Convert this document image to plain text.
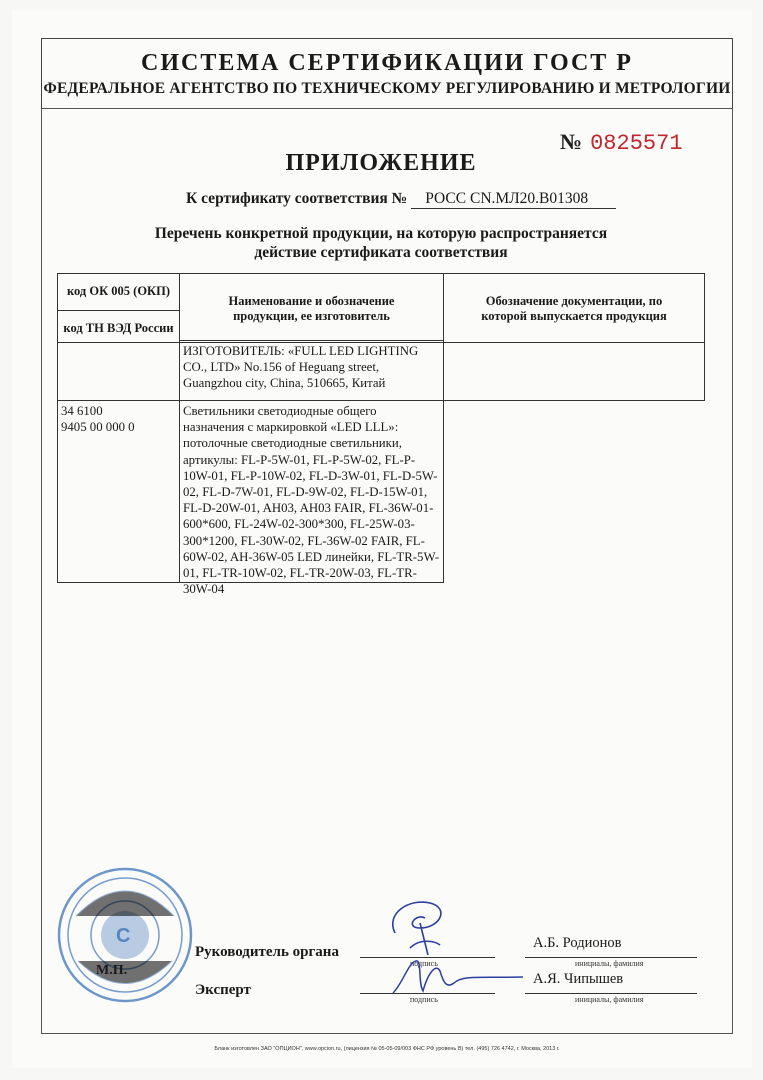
СИСТЕМА СЕРТИФИКАЦИИ ГОСТ Р
ФЕДЕРАЛЬНОЕ АГЕНТСТВО ПО ТЕХНИЧЕСКОМУ РЕГУЛИРОВАНИЮ И МЕТРОЛОГИИ
№ 0825571
ПРИЛОЖЕНИЕ
К сертификату соответствия № РОСС CN.МЛ20.В01308
Перечень конкретной продукции, на которую распространяется
действие сертификата соответствия
код ОК 005 (ОКП)
код ТН ВЭД России
Наименование и обозначение продукции, ее изготовитель
Обозначение документации, по которой выпускается продукция
ИЗГОТОВИТЕЛЬ: «FULL LED LIGHTING CO., LTD» No.156 of Heguang street, Guangzhou city, China, 510665, Китай
34 6100
9405 00 000 0
Светильники светодиодные общего назначения с маркировкой «LED LLL»: потолочные светодиодные светильники, артикулы: FL-P-5W-01, FL-P-5W-02, FL-P-10W-01, FL-P-10W-02, FL-D-3W-01, FL-D-5W-02, FL-D-7W-01, FL-D-9W-02, FL-D-15W-01, FL-D-20W-01, AH03, AH03 FAIR, FL-36W-01-600*600, FL-24W-02-300*300, FL-25W-03-300*1200, FL-30W-02, FL-36W-02 FAIR, FL-60W-02, AH-36W-05 LED линейки, FL-TR-5W-01, FL-TR-10W-02, FL-TR-20W-03, FL-TR-30W-04
С
М.П.
Руководитель органа
Эксперт
подпись
подпись
инициалы, фамилия
инициалы, фамилия
А.Б. Родионов
А.Я. Чипышев
Бланк изготовлен ЗАО "ОПЦИОН", www.opcion.ru, (лицензия № 05-05-09/003 ФНС РФ уровень В) тел. (495) 726 4742, г. Москва, 2013 г.
